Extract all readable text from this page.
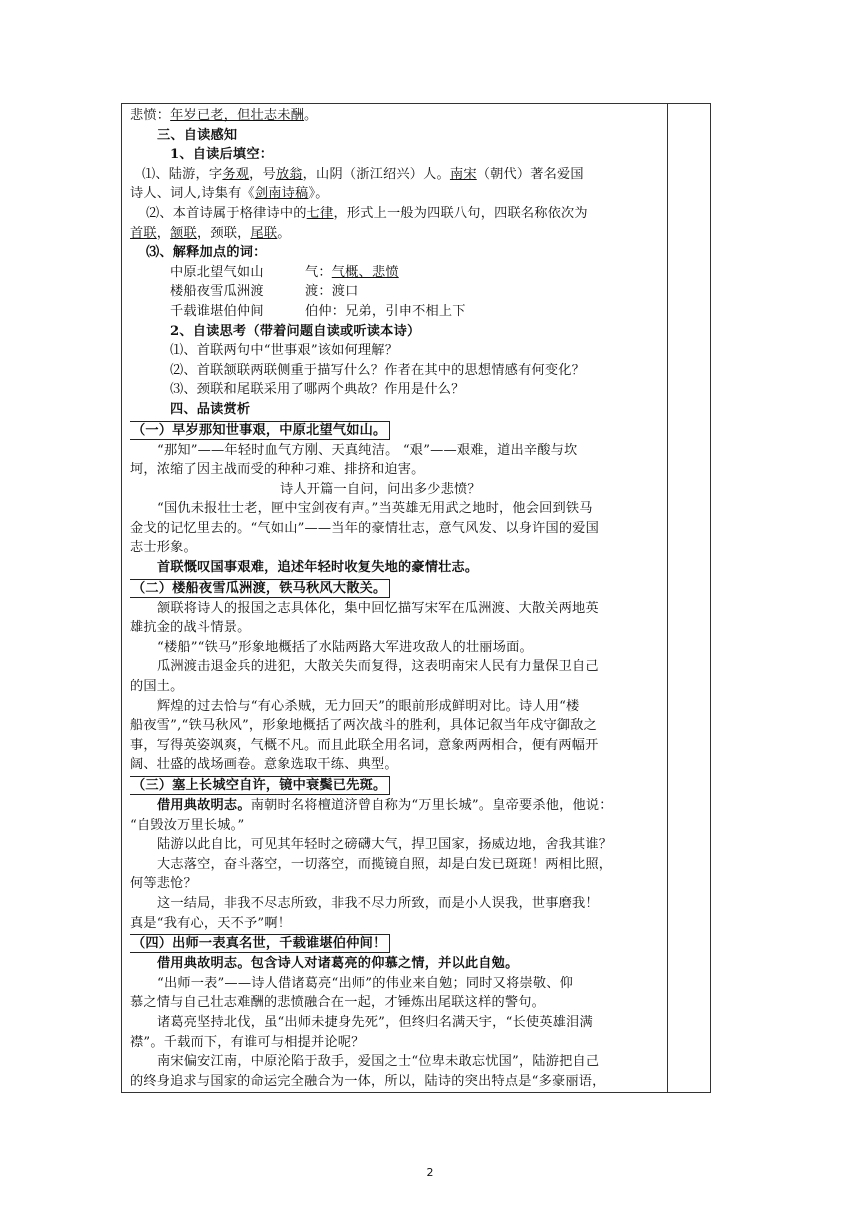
悲愤：年岁已老，但壮志未酬。

三、自读感知

1、自读后填空：

⑴、陆游，字务观，号放翁，山阴（浙江绍兴）人。南宋（朝代）著名爱国

诗人、词人,诗集有《剑南诗稿》。

⑵、本首诗属于格律诗中的七律，形式上一般为四联八句，四联名称依次为

首联，颔联，颈联，尾联。

⑶、解释加点的词：

中原北望气如山	气：气概、悲愤

楼船夜雪瓜洲渡	渡：渡口

千载谁堪伯仲间	伯仲：兄弟，引申不相上下

2、自读思考（带着问题自读或听读本诗）

⑴、首联两句中“世事艰”该如何理解？

⑵、首联颔联两联侧重于描写什么？作者在其中的思想情感有何变化？

⑶、颈联和尾联采用了哪两个典故？作用是什么？

四、品读赏析

（一）早岁那知世事艰，中原北望气如山。

“那知”——年轻时血气方刚、天真纯洁。 “艰”——艰难，道出辛酸与坎

坷，浓缩了因主战而受的种种刁难、排挤和迫害。

诗人开篇一自问，问出多少悲愤？

“国仇未报壮士老，匣中宝剑夜有声。”当英雄无用武之地时，他会回到铁马

金戈的记忆里去的。“气如山”——当年的豪情壮志，意气风发、以身许国的爱国

志士形象。

首联慨叹国事艰难，追述年轻时收复失地的豪情壮志。

（二）楼船夜雪瓜洲渡，铁马秋风大散关。

颔联将诗人的报国之志具体化，集中回忆描写宋军在瓜洲渡、大散关两地英

雄抗金的战斗情景。

“楼船”“铁马”形象地概括了水陆两路大军进攻敌人的壮丽场面。

瓜洲渡击退金兵的进犯，大散关失而复得，这表明南宋人民有力量保卫自己

的国土。

辉煌的过去恰与“有心杀贼，无力回天”的眼前形成鲜明对比。诗人用“楼

船夜雪”,“铁马秋风”，形象地概括了两次战斗的胜利，具体记叙当年戍守御敌之

事，写得英姿飒爽，气概不凡。而且此联全用名词，意象两两相合，便有两幅开

阔、壮盛的战场画卷。意象选取干练、典型。

（三）塞上长城空自许，镜中衰鬓已先斑。

借用典故明志。南朝时名将檀道济曾自称为“万里长城”。皇帝要杀他，他说：

“自毁汝万里长城。”

陆游以此自比，可见其年轻时之磅礴大气，捍卫国家，扬威边地，舍我其谁？

大志落空，奋斗落空，一切落空，而揽镜自照，却是白发已斑斑！两相比照，

何等悲怆？

这一结局，非我不尽志所致，非我不尽力所致，而是小人误我，世事磨我！

真是“我有心，天不予”啊！

（四）出师一表真名世，千载谁堪伯仲间！

借用典故明志。包含诗人对诸葛亮的仰慕之情，并以此自勉。

“出师一表”——诗人借诸葛亮“出师”的伟业来自勉；同时又将崇敬、仰

慕之情与自己壮志难酬的悲愤融合在一起，才锤炼出尾联这样的警句。

诸葛亮坚持北伐，虽“出师未捷身先死”，但终归名满天宇，“长使英雄泪满

襟”。千载而下，有谁可与相提并论呢？

南宋偏安江南，中原沦陷于敌手，爱国之士“位卑未敢忘忧国”，陆游把自己

的终身追求与国家的命运完全融合为一体，所以，陆诗的突出特点是“多豪丽语，

2
